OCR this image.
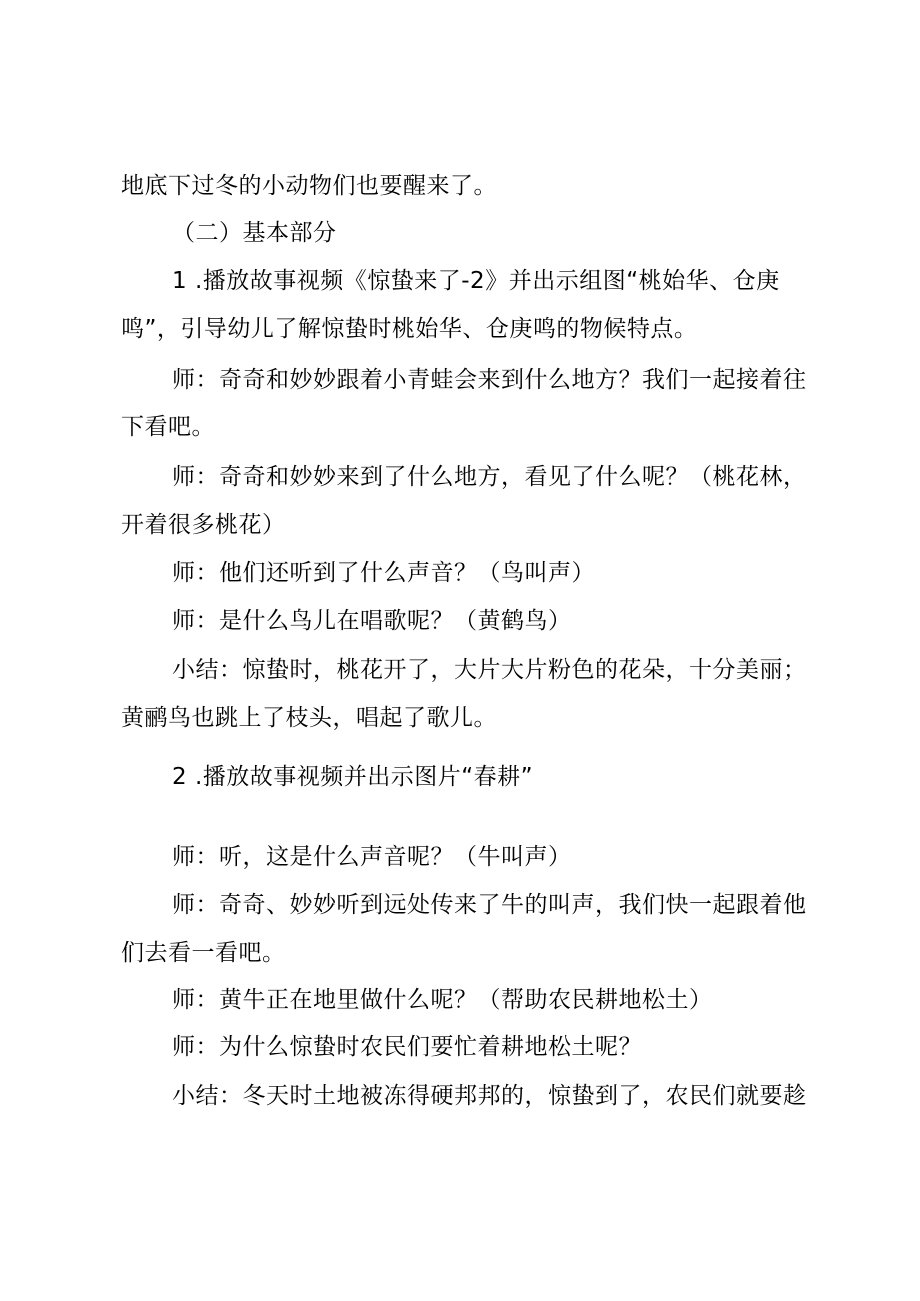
地底下过冬的小动物们也要醒来了。
（二）基本部分
1 .播放故事视频《惊蛰来了-2》并出示组图“桃始华、仓庚
鸣”，引导幼儿了解惊蛰时桃始华、仓庚鸣的物候特点。
师：奇奇和妙妙跟着小青蛙会来到什么地方？我们一起接着往
下看吧。
师：奇奇和妙妙来到了什么地方，看见了什么呢？（桃花林，
开着很多桃花）
师：他们还听到了什么声音？（鸟叫声）
师：是什么鸟儿在唱歌呢？（黄鹤鸟）
小结：惊蛰时，桃花开了，大片大片粉色的花朵，十分美丽；
黄鹂鸟也跳上了枝头，唱起了歌儿。
2 .播放故事视频并出示图片“春耕”
师：听，这是什么声音呢？（牛叫声）
师：奇奇、妙妙听到远处传来了牛的叫声，我们快一起跟着他
们去看一看吧。
师：黄牛正在地里做什么呢？（帮助农民耕地松土）
师：为什么惊蛰时农民们要忙着耕地松土呢？
小结：冬天时土地被冻得硬邦邦的，惊蛰到了，农民们就要趁
